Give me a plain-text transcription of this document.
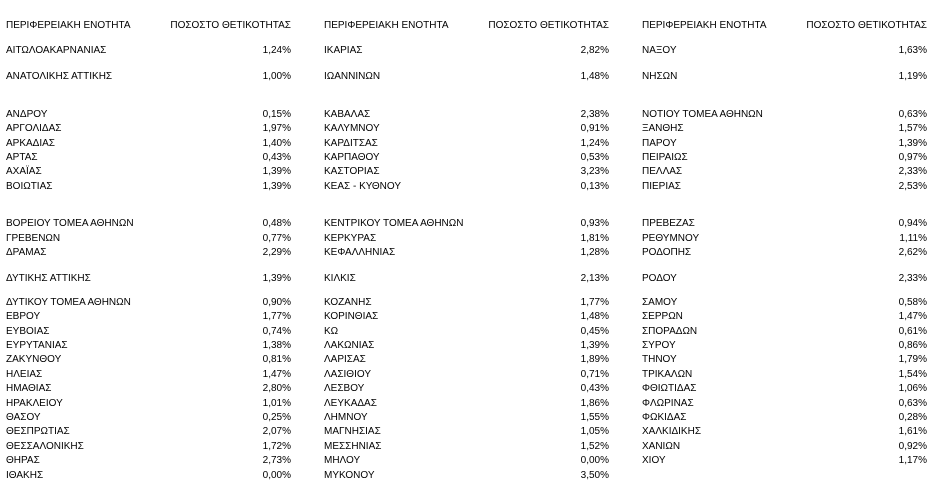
ΠΕΡΙΦΕΡΕΙΑΚΗ ΕΝΟΤΗΤΑ	ΠΟΣΟΣΤΟ ΘΕΤΙΚΟΤΗΤΑΣ
ΑΙΤΩΛΟΑΚΑΡΝΑΝΙΑΣ	1,24%
ΑΝΑΤΟΛΙΚΗΣ ΑΤΤΙΚΗΣ	1,00%
ΑΝΔΡΟΥ	0,15%
ΑΡΓΟΛΙΔΑΣ	1,97%
ΑΡΚΑΔΙΑΣ	1,40%
ΑΡΤΑΣ	0,43%
ΑΧΑΪΑΣ	1,39%
ΒΟΙΩΤΙΑΣ	1,39%
ΒΟΡΕΙΟΥ ΤΟΜΕΑ ΑΘΗΝΩΝ	0,48%
ΓΡΕΒΕΝΩΝ	0,77%
ΔΡΑΜΑΣ	2,29%
ΔΥΤΙΚΗΣ ΑΤΤΙΚΗΣ	1,39%
ΔΥΤΙΚΟΥ ΤΟΜΕΑ ΑΘΗΝΩΝ	0,90%
ΕΒΡΟΥ	1,77%
ΕΥΒΟΙΑΣ	0,74%
ΕΥΡΥΤΑΝΙΑΣ	1,38%
ΖΑΚΥΝΘΟΥ	0,81%
ΗΛΕΙΑΣ	1,47%
ΗΜΑΘΙΑΣ	2,80%
ΗΡΑΚΛΕΙΟΥ	1,01%
ΘΑΣΟΥ	0,25%
ΘΕΣΠΡΩΤΙΑΣ	2,07%
ΘΕΣΣΑΛΟΝΙΚΗΣ	1,72%
ΘΗΡΑΣ	2,73%
ΙΘΑΚΗΣ	0,00%
ΠΕΡΙΦΕΡΕΙΑΚΗ ΕΝΟΤΗΤΑ	ΠΟΣΟΣΤΟ ΘΕΤΙΚΟΤΗΤΑΣ
ΙΚΑΡΙΑΣ	2,82%
ΙΩΑΝΝΙΝΩΝ	1,48%
ΚΑΒΑΛΑΣ	2,38%
ΚΑΛΥΜΝΟΥ	0,91%
ΚΑΡΔΙΤΣΑΣ	1,24%
ΚΑΡΠΑΘΟΥ	0,53%
ΚΑΣΤΟΡΙΑΣ	3,23%
ΚΕΑΣ - ΚΥΘΝΟΥ	0,13%
ΚΕΝΤΡΙΚΟΥ ΤΟΜΕΑ ΑΘΗΝΩΝ	0,93%
ΚΕΡΚΥΡΑΣ	1,81%
ΚΕΦΑΛΛΗΝΙΑΣ	1,28%
ΚΙΛΚΙΣ	2,13%
ΚΟΖΑΝΗΣ	1,77%
ΚΟΡΙΝΘΙΑΣ	1,48%
ΚΩ	0,45%
ΛΑΚΩΝΙΑΣ	1,39%
ΛΑΡΙΣΑΣ	1,89%
ΛΑΣΙΘΙΟΥ	0,71%
ΛΕΣΒΟΥ	0,43%
ΛΕΥΚΑΔΑΣ	1,86%
ΛΗΜΝΟΥ	1,55%
ΜΑΓΝΗΣΙΑΣ	1,05%
ΜΕΣΣΗΝΙΑΣ	1,52%
ΜΗΛΟΥ	0,00%
ΜΥΚΟΝΟΥ	3,50%
ΠΕΡΙΦΕΡΕΙΑΚΗ ΕΝΟΤΗΤΑ	ΠΟΣΟΣΤΟ ΘΕΤΙΚΟΤΗΤΑΣ
ΝΑΞΟΥ	1,63%
ΝΗΣΩΝ	1,19%
ΝΟΤΙΟΥ ΤΟΜΕΑ ΑΘΗΝΩΝ	0,63%
ΞΑΝΘΗΣ	1,57%
ΠΑΡΟΥ	1,39%
ΠΕΙΡΑΙΩΣ	0,97%
ΠΕΛΛΑΣ	2,33%
ΠΙΕΡΙΑΣ	2,53%
ΠΡΕΒΕΖΑΣ	0,94%
ΡΕΘΥΜΝΟΥ	1,11%
ΡΟΔΟΠΗΣ	2,62%
ΡΟΔΟΥ	2,33%
ΣΑΜΟΥ	0,58%
ΣΕΡΡΩΝ	1,47%
ΣΠΟΡΑΔΩΝ	0,61%
ΣΥΡΟΥ	0,86%
ΤΗΝΟΥ	1,79%
ΤΡΙΚΑΛΩΝ	1,54%
ΦΘΙΩΤΙΔΑΣ	1,06%
ΦΛΩΡΙΝΑΣ	0,63%
ΦΩΚΙΔΑΣ	0,28%
ΧΑΛΚΙΔΙΚΗΣ	1,61%
ΧΑΝΙΩΝ	0,92%
ΧΙΟΥ	1,17%
